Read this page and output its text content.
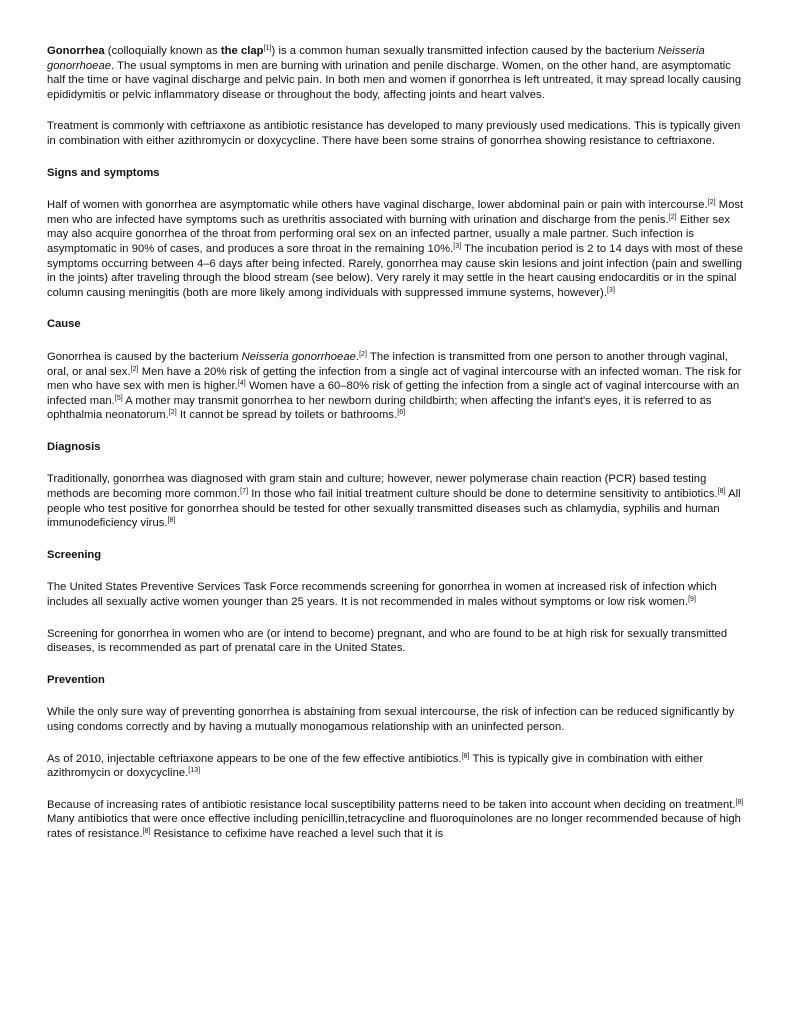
Gonorrhea (colloquially known as the clap[1]) is a common human sexually transmitted infection caused by the bacterium Neisseria gonorrhoeae. The usual symptoms in men are burning with urination and penile discharge. Women, on the other hand, are asymptomatic half the time or have vaginal discharge and pelvic pain. In both men and women if gonorrhea is left untreated, it may spread locally causing epididymitis or pelvic inflammatory disease or throughout the body, affecting joints and heart valves.

Treatment is commonly with ceftriaxone as antibiotic resistance has developed to many previously used medications. This is typically given in combination with either azithromycin or doxycycline. There have been some strains of gonorrhea showing resistance to ceftriaxone.

Signs and symptoms

Half of women with gonorrhea are asymptomatic while others have vaginal discharge, lower abdominal pain or pain with intercourse.[2] Most men who are infected have symptoms such as urethritis associated with burning with urination and discharge from the penis.[2] Either sex may also acquire gonorrhea of the throat from performing oral sex on an infected partner, usually a male partner. Such infection is asymptomatic in 90% of cases, and produces a sore throat in the remaining 10%.[3] The incubation period is 2 to 14 days with most of these symptoms occurring between 4–6 days after being infected. Rarely, gonorrhea may cause skin lesions and joint infection (pain and swelling in the joints) after traveling through the blood stream (see below). Very rarely it may settle in the heart causing endocarditis or in the spinal column causing meningitis (both are more likely among individuals with suppressed immune systems, however).[3]

Cause

Gonorrhea is caused by the bacterium Neisseria gonorrhoeae.[2] The infection is transmitted from one person to another through vaginal, oral, or anal sex.[2] Men have a 20% risk of getting the infection from a single act of vaginal intercourse with an infected woman. The risk for men who have sex with men is higher.[4] Women have a 60–80% risk of getting the infection from a single act of vaginal intercourse with an infected man.[5] A mother may transmit gonorrhea to her newborn during childbirth; when affecting the infant's eyes, it is referred to as ophthalmia neonatorum.[2] It cannot be spread by toilets or bathrooms.[6]

Diagnosis

Traditionally, gonorrhea was diagnosed with gram stain and culture; however, newer polymerase chain reaction (PCR) based testing methods are becoming more common.[7] In those who fail initial treatment culture should be done to determine sensitivity to antibiotics.[8] All people who test positive for gonorrhea should be tested for other sexually transmitted diseases such as chlamydia, syphilis and human immunodeficiency virus.[8]

Screening

The United States Preventive Services Task Force recommends screening for gonorrhea in women at increased risk of infection which includes all sexually active women younger than 25 years. It is not recommended in males without symptoms or low risk women.[9]

Screening for gonorrhea in women who are (or intend to become) pregnant, and who are found to be at high risk for sexually transmitted diseases, is recommended as part of prenatal care in the United States.

Prevention

While the only sure way of preventing gonorrhea is abstaining from sexual intercourse, the risk of infection can be reduced significantly by using condoms correctly and by having a mutually monogamous relationship with an uninfected person.

As of 2010, injectable ceftriaxone appears to be one of the few effective antibiotics.[8] This is typically give in combination with either azithromycin or doxycycline.[13]

Because of increasing rates of antibiotic resistance local susceptibility patterns need to be taken into account when deciding on treatment.[8] Many antibiotics that were once effective including penicillin,tetracycline and fluoroquinolones are no longer recommended because of high rates of resistance.[8] Resistance to cefixime have reached a level such that it is
